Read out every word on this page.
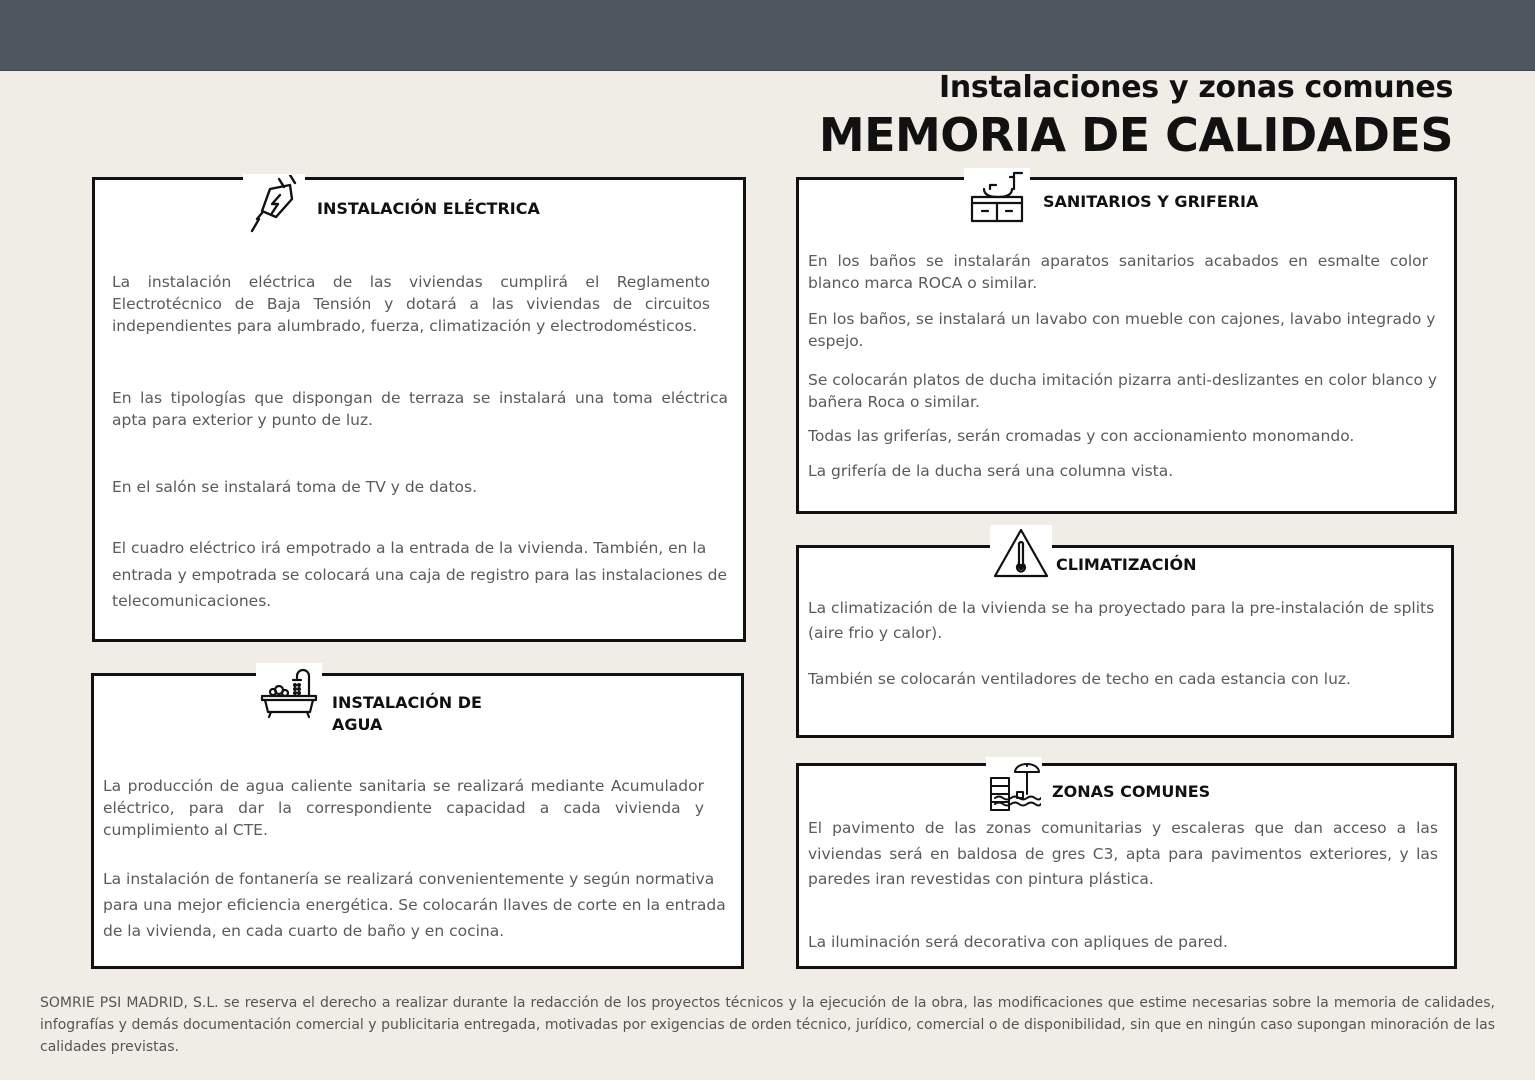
Instalaciones y zonas comunes
MEMORIA DE CALIDADES
INSTALACIÓN ELÉCTRICA

La instalación eléctrica de las viviendas cumplirá el Reglamento Electrotécnico de Baja Tensión y dotará a las viviendas de circuitos independientes para alumbrado, fuerza, climatización y electrodomésticos.

En las tipologías que dispongan de terraza se instalará una toma eléctrica apta para exterior y punto de luz.

En el salón se instalará toma de TV y de datos.

El cuadro eléctrico irá empotrado a la entrada de la vivienda. También, en la entrada y empotrada se colocará una caja de registro para las instalaciones de telecomunicaciones.

INSTALACIÓN DE
AGUA

La producción de agua caliente sanitaria se realizará mediante Acumulador eléctrico, para dar la correspondiente capacidad a cada vivienda y cumplimiento al CTE.

La instalación de fontanería se realizará convenientemente y según normativa para una mejor eficiencia energética. Se colocarán llaves de corte en la entrada de la vivienda, en cada cuarto de baño y en cocina.

SANITARIOS Y GRIFERIA

En los baños se instalarán aparatos sanitarios acabados en esmalte color blanco marca ROCA o similar.

En los baños, se instalará un lavabo con mueble con cajones, lavabo integrado y espejo.

Se colocarán platos de ducha imitación pizarra anti-deslizantes en color blanco y bañera Roca o similar.

Todas las griferías, serán cromadas y con accionamiento monomando.

La grifería de la ducha será una columna vista.

CLIMATIZACIÓN

La climatización de la vivienda se ha proyectado para la pre-instalación de splits (aire frio y calor).

También se colocarán ventiladores de techo en cada estancia con luz.

ZONAS COMUNES

El pavimento de las zonas comunitarias y escaleras que dan acceso a las viviendas será en baldosa de gres C3, apta para pavimentos exteriores, y las paredes iran revestidas con pintura plástica.

La iluminación será decorativa con apliques de pared.

SOMRIE PSI MADRID, S.L. se reserva el derecho a realizar durante la redacción de los proyectos técnicos y la ejecución de la obra, las modificaciones que estime necesarias sobre la memoria de calidades, infografías y demás documentación comercial y publicitaria entregada, motivadas por exigencias de orden técnico, jurídico, comercial o de disponibilidad, sin que en ningún caso supongan minoración de las calidades previstas.
